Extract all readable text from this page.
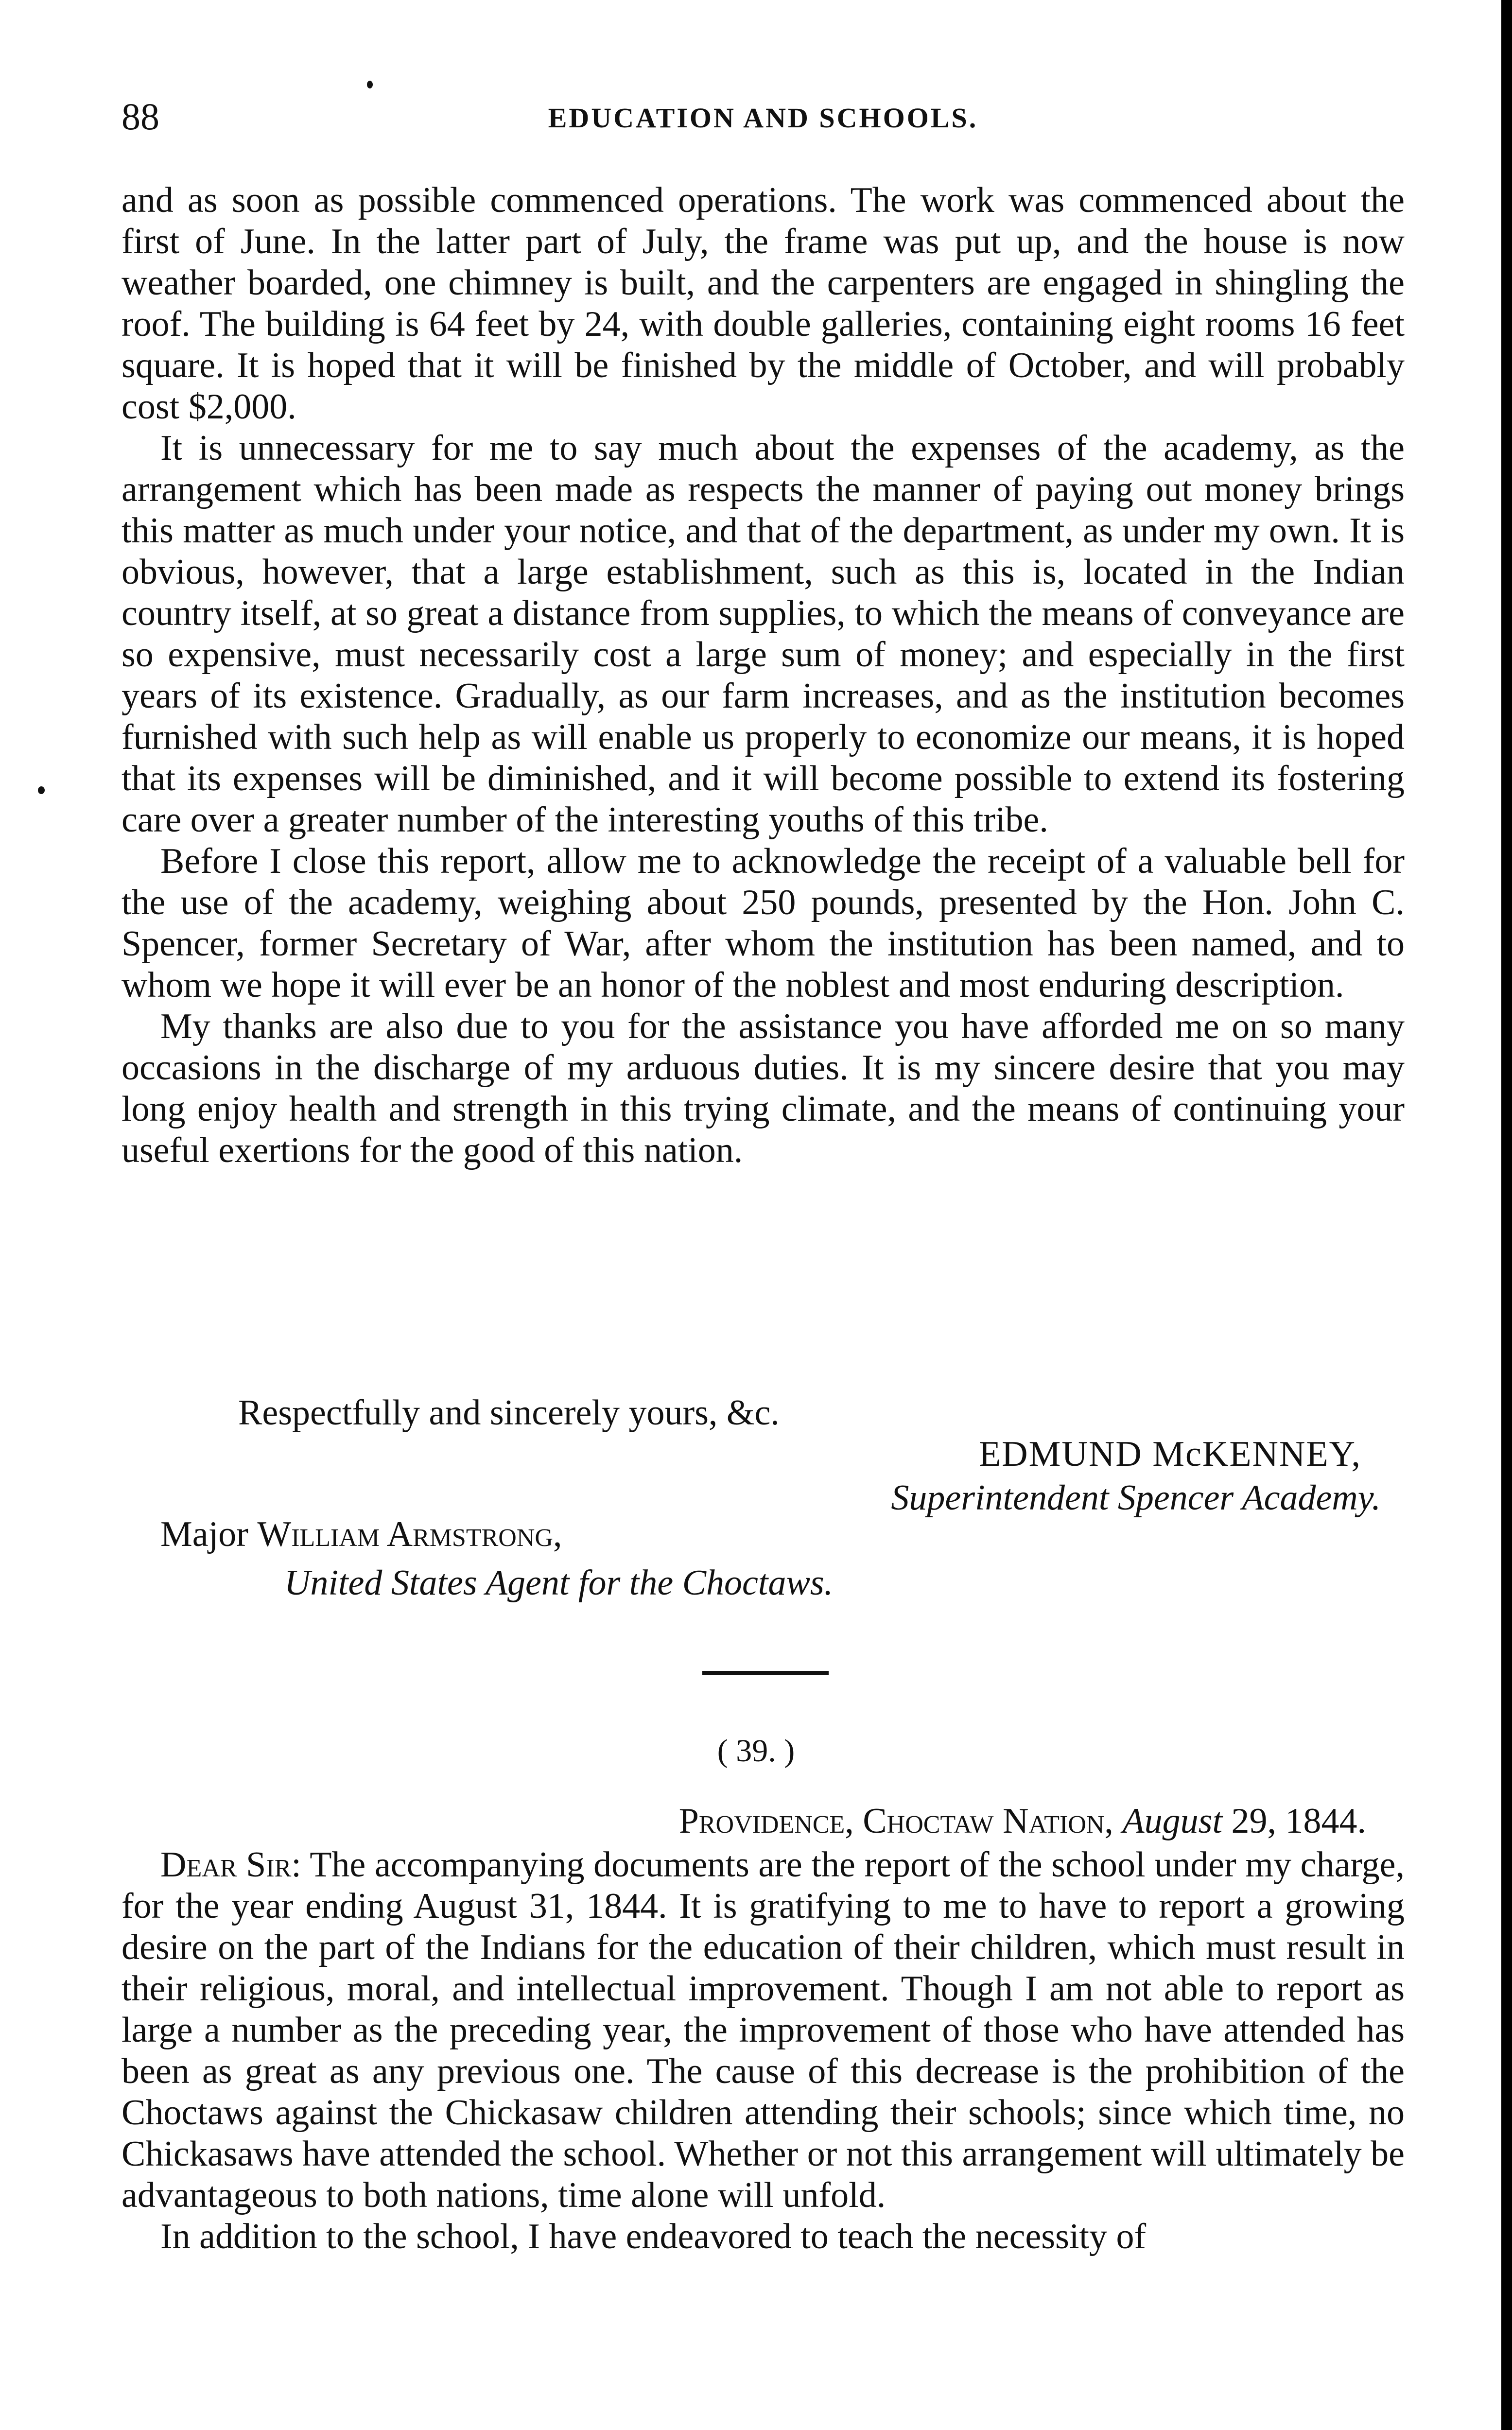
88	EDUCATION AND SCHOOLS.

and as soon as possible commenced operations. The work was commenced about the first of June. In the latter part of July, the frame was put up, and the house is now weather boarded, one chimney is built, and the carpenters are engaged in shingling the roof. The building is 64 feet by 24, with double galleries, containing eight rooms 16 feet square. It is hoped that it will be finished by the middle of October, and will probably cost $2,000.

It is unnecessary for me to say much about the expenses of the academy, as the arrangement which has been made as respects the manner of paying out money brings this matter as much under your notice, and that of the department, as under my own. It is obvious, however, that a large establishment, such as this is, located in the Indian country itself, at so great a distance from supplies, to which the means of conveyance are so expensive, must necessarily cost a large sum of money; and especially in the first years of its existence. Gradually, as our farm increases, and as the institution becomes furnished with such help as will enable us properly to economize our means, it is hoped that its expenses will be diminished, and it will become possible to extend its fostering care over a greater number of the interesting youths of this tribe.

Before I close this report, allow me to acknowledge the receipt of a valuable bell for the use of the academy, weighing about 250 pounds, presented by the Hon. John C. Spencer, former Secretary of War, after whom the institution has been named, and to whom we hope it will ever be an honor of the noblest and most enduring description.

My thanks are also due to you for the assistance you have afforded me on so many occasions in the discharge of my arduous duties. It is my sincere desire that you may long enjoy health and strength in this trying climate, and the means of continuing your useful exertions for the good of this nation.

Respectfully and sincerely yours, &c.
EDMUND McKENNEY,
Superintendent Spencer Academy.
Major William Armstrong,
United States Agent for the Choctaws.
( 39. )
Providence, Choctaw Nation, August 29, 1844.

Dear Sir: The accompanying documents are the report of the school under my charge, for the year ending August 31, 1844. It is gratifying to me to have to report a growing desire on the part of the Indians for the education of their children, which must result in their religious, moral, and intellectual improvement. Though I am not able to report as large a number as the preceding year, the improvement of those who have attended has been as great as any previous one. The cause of this decrease is the prohibition of the Choctaws against the Chickasaw children attending their schools; since which time, no Chickasaws have attended the school. Whether or not this arrangement will ultimately be advantageous to both nations, time alone will unfold.

In addition to the school, I have endeavored to teach the necessity of
